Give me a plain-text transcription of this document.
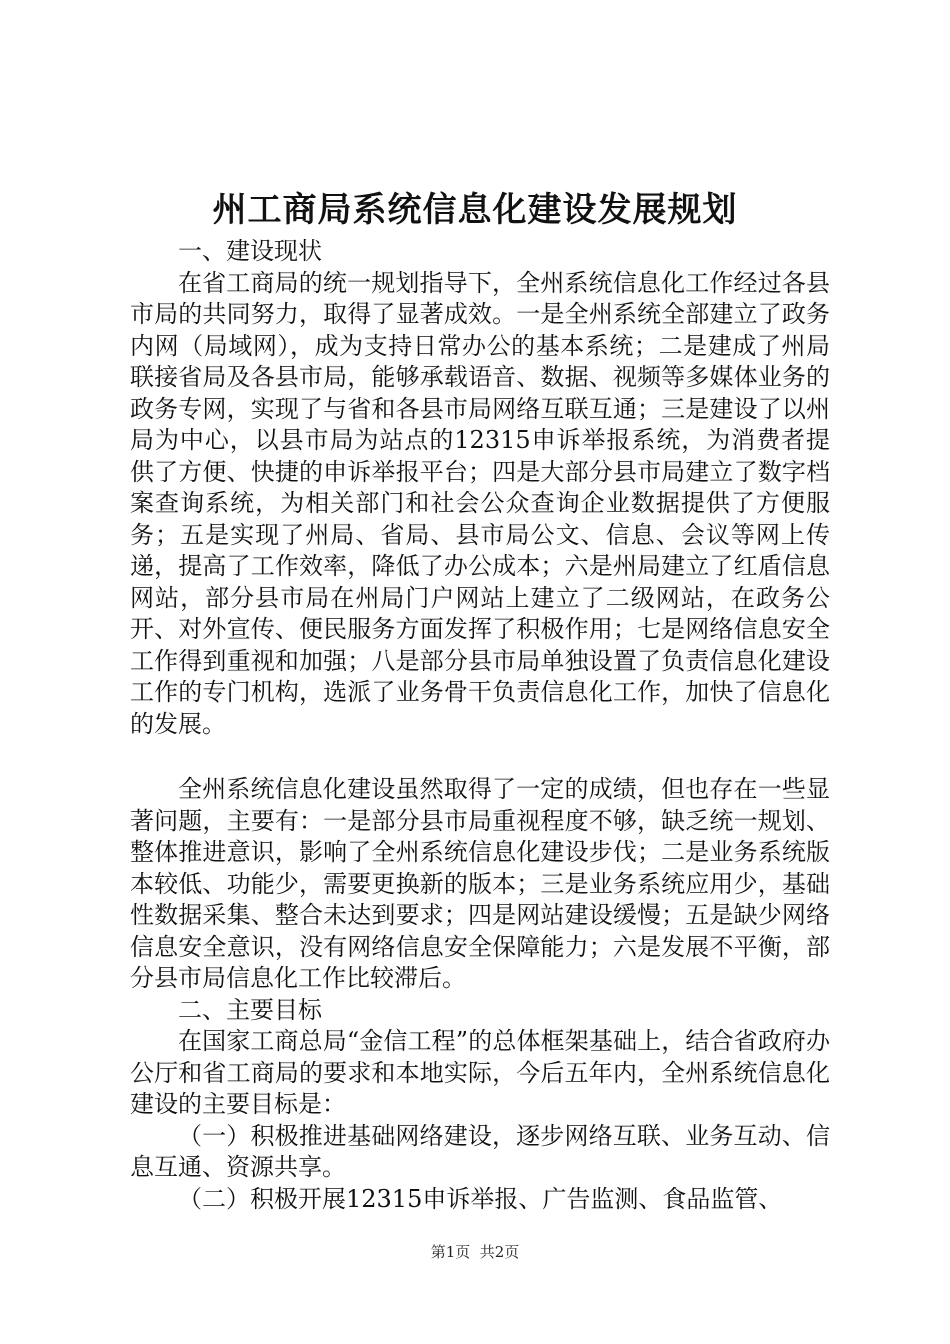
州工商局系统信息化建设发展规划

一、建设现状

在省工商局的统一规划指导下，全州系统信息化工作经过各县市局的共同努力，取得了显著成效。一是全州系统全部建立了政务内网（局域网），成为支持日常办公的基本系统；二是建成了州局联接省局及各县市局，能够承载语音、数据、视频等多媒体业务的政务专网，实现了与省和各县市局网络互联互通；三是建设了以州局为中心，以县市局为站点的12315申诉举报系统，为消费者提供了方便、快捷的申诉举报平台；四是大部分县市局建立了数字档案查询系统，为相关部门和社会公众查询企业数据提供了方便服务；五是实现了州局、省局、县市局公文、信息、会议等网上传递，提高了工作效率，降低了办公成本；六是州局建立了红盾信息网站，部分县市局在州局门户网站上建立了二级网站，在政务公开、对外宣传、便民服务方面发挥了积极作用；七是网络信息安全工作得到重视和加强；八是部分县市局单独设置了负责信息化建设工作的专门机构，选派了业务骨干负责信息化工作，加快了信息化的发展。

全州系统信息化建设虽然取得了一定的成绩，但也存在一些显著问题，主要有：一是部分县市局重视程度不够，缺乏统一规划、整体推进意识，影响了全州系统信息化建设步伐；二是业务系统版本较低、功能少，需要更换新的版本；三是业务系统应用少，基础性数据采集、整合未达到要求；四是网站建设缓慢；五是缺少网络信息安全意识，没有网络信息安全保障能力；六是发展不平衡，部分县市局信息化工作比较滞后。

二、主要目标

在国家工商总局“金信工程”的总体框架基础上，结合省政府办公厅和省工商局的要求和本地实际，今后五年内，全州系统信息化建设的主要目标是：

（一）积极推进基础网络建设，逐步网络互联、业务互动、信息互通、资源共享。

（二）积极开展12315申诉举报、广告监测、食品监管、

第1页  共2页
